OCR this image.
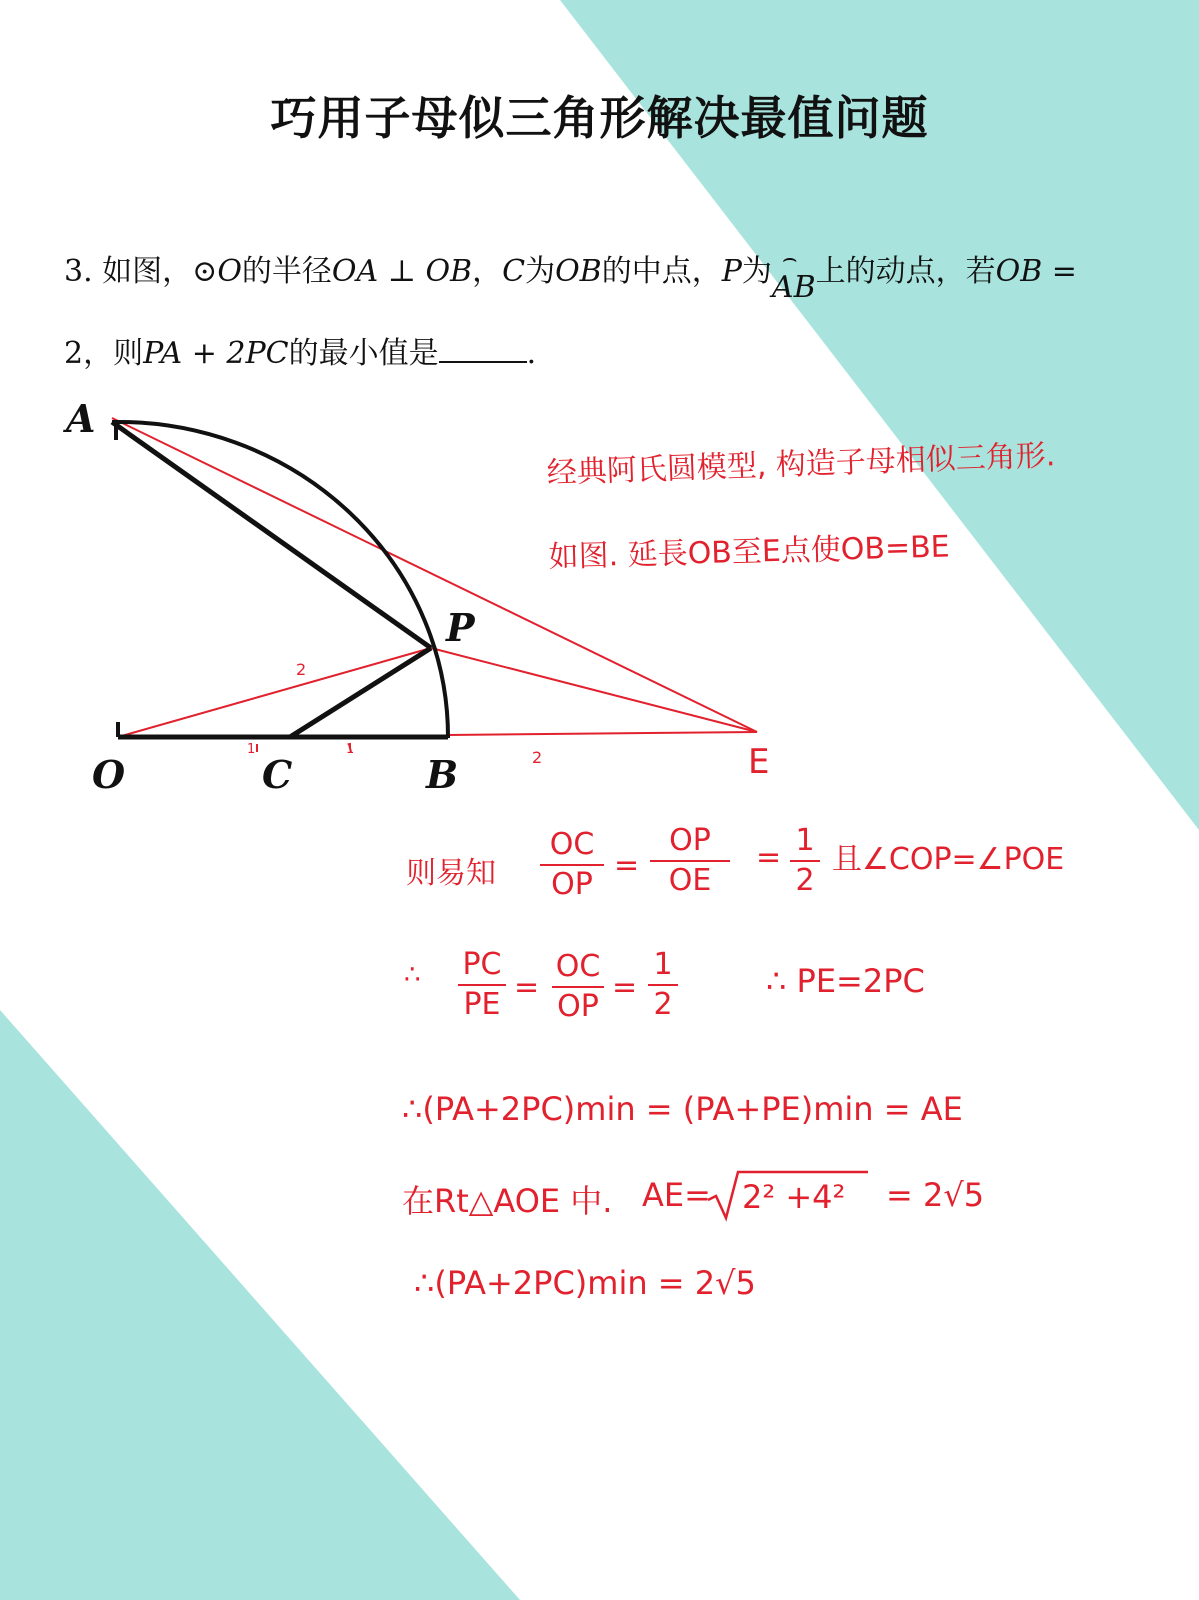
巧用子母似三角形解决最值问题
3. 如图，⊙O的半径OA ⊥ OB，C为OB的中点，P为 ⌢
AB上的动点，若OB =
2，则PA + 2PC的最小值是	.
A
P
O	C	B	E
2
1	1	2
经典阿氏圆模型, 构造子母相似三角形.
如图. 延長OB至E点使OB=BE
则易知
OC
OP
=
OP
OE
= 1
2
且∠COP=∠POE
∴ PC
PE =
OC
OP
=
1
2
∴ PE=2PC
∴(PA+2PC)min = (PA+PE)min = AE
在Rt△AOE 中. AE= 2² +4² = 2√5
∴(PA+2PC)min = 2√5
